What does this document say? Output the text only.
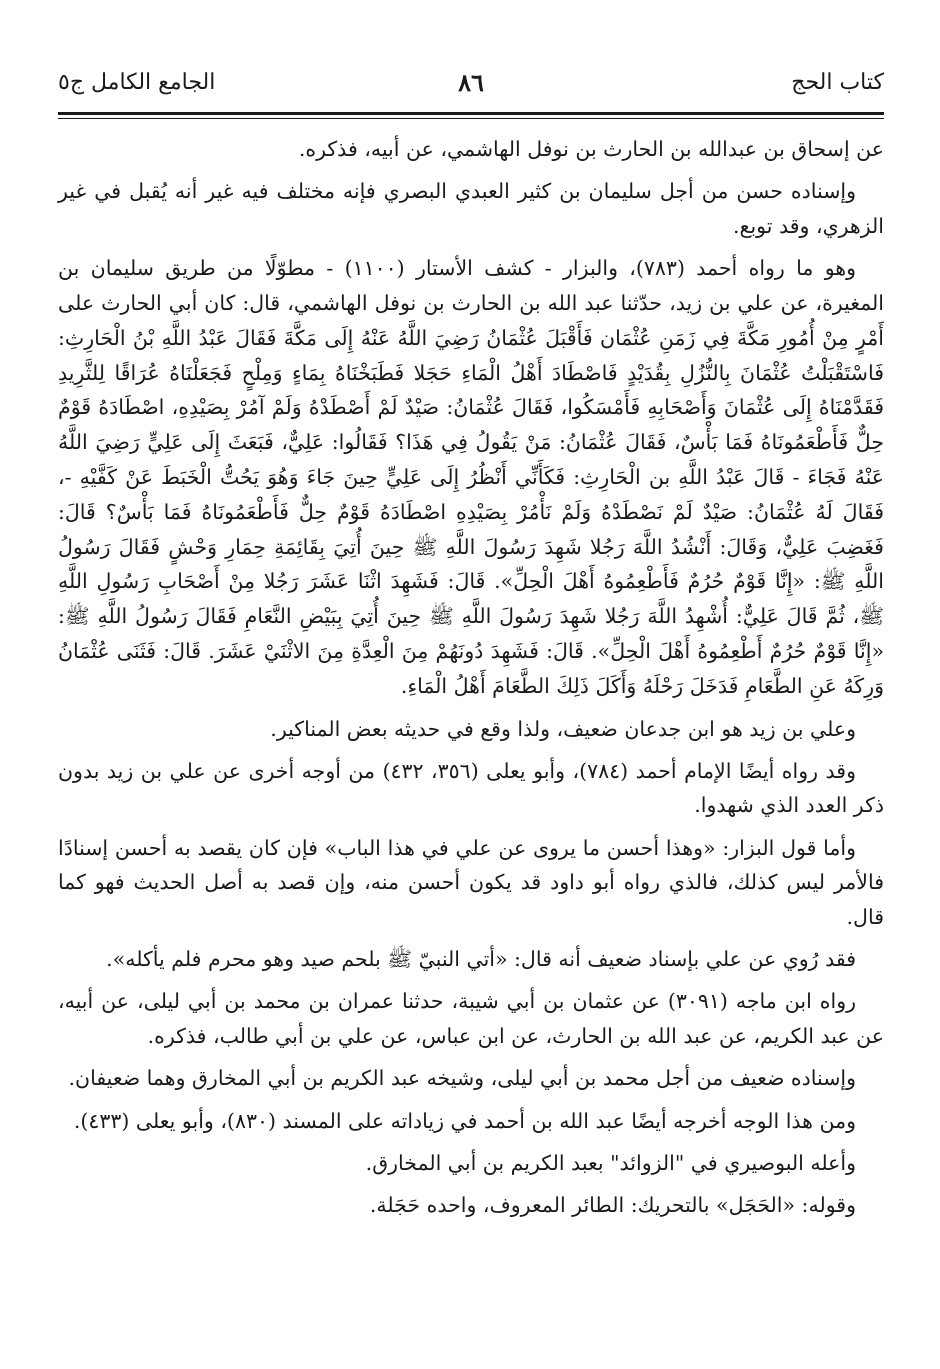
كتاب الحج
٨٦
الجامع الكامل ج٥

عن إسحاق بن عبدالله بن الحارث بن نوفل الهاشمي، عن أبيه، فذكره.

وإسناده حسن من أجل سليمان بن كثير العبدي البصري فإنه مختلف فيه غير أنه يُقبل في غير الزهري، وقد توبع.

وهو ما رواه أحمد (٧٨٣)، والبزار - كشف الأستار (١١٠٠) - مطوّلًا من طريق سليمان بن المغيرة، عن علي بن زيد، حدّثنا عبد الله بن الحارث بن نوفل الهاشمي، قال: كان أبي الحارث على أَمْرٍ مِنْ أُمُورِ مَكَّةَ فِي زَمَنِ عُثْمَان فَأَقْبَلَ عُثْمَانُ رَضِيَ اللَّهُ عَنْهُ إِلَى مَكَّةَ فَقَالَ عَبْدُ اللَّهِ بْنُ الْحَارِثِ: فَاسْتَقْبَلْتُ عُثْمَانَ بِالنُّزُلِ بِقُدَيْدٍ فَاصْطَادَ أَهْلُ الْمَاءِ حَجَلا فَطَبَخْنَاهُ بِمَاءٍ وَمِلْحٍ فَجَعَلْنَاهُ عُرَاقًا لِلثَّرِيدِ فَقَدَّمْنَاهُ إِلَى عُثْمَانَ وَأَصْحَابِهِ فَأَمْسَكُوا، فَقَالَ عُثْمَانُ: صَيْدٌ لَمْ أَصْطَدْهُ وَلَمْ آمُرْ بِصَيْدِهِ، اصْطَادَهُ قَوْمٌ حِلٌّ فَأَطْعَمُونَاهُ فَمَا بَأْسٌ، فَقَالَ عُثْمَانُ: مَنْ يَقُولُ فِي هَذَا؟ فَقَالُوا: عَلِيٌّ، فَبَعَثَ إِلَى عَلِيٍّ رَضِيَ اللَّهُ عَنْهُ فَجَاءَ - قَالَ عَبْدُ اللَّهِ بن الْحَارِثِ: فَكَأَنِّي أَنْظُرُ إِلَى عَلِيٍّ حِينَ جَاءَ وَهُوَ يَحُتُّ الْخَبَطَ عَنْ كَفَّيْهِ -، فَقَالَ لَهُ عُثْمَانُ: صَيْدٌ لَمْ نَصْطَدْهُ وَلَمْ نَأْمُرْ بِصَيْدِهِ اصْطَادَهُ قَوْمٌ حِلٌّ فَأَطْعَمُونَاهُ فَمَا بَأْسٌ؟ قَالَ: فَغَضِبَ عَلِيٌّ، وَقَالَ: أَنْشُدُ اللَّهَ رَجُلا شَهِدَ رَسُولَ اللَّهِ ﷺ حِينَ أُتِيَ بِقَائِمَةِ حِمَارِ وَحْشٍ فَقَالَ رَسُولُ اللَّهِ ﷺ: «إِنَّا قَوْمٌ حُرُمٌ فَأَطْعِمُوهُ أَهْلَ الْحِلِّ». قَالَ: فَشَهِدَ اثْنَا عَشَرَ رَجُلا مِنْ أَصْحَابِ رَسُولِ اللَّهِ ﷺ، ثُمَّ قَالَ عَلِيٌّ: أُشْهِدُ اللَّهَ رَجُلا شَهِدَ رَسُولَ اللَّهِ ﷺ حِينَ أُتِيَ بِبَيْضِ النَّعَامِ فَقَالَ رَسُولُ اللَّهِ ﷺ: «إِنَّا قَوْمٌ حُرُمٌ أَطْعِمُوهُ أَهْلَ الْحِلِّ». قَالَ: فَشَهِدَ دُونَهُمْ مِنَ الْعِدَّةِ مِنَ الاثْنَيْ عَشَرَ. قَالَ: فَثَنَى عُثْمَانُ وَرِكَهُ عَنِ الطَّعَامِ فَدَخَلَ رَحْلَهُ وَأَكَلَ ذَلِكَ الطَّعَامَ أَهْلُ الْمَاءِ.

وعلي بن زيد هو ابن جدعان ضعيف، ولذا وقع في حديثه بعض المناكير.

وقد رواه أيضًا الإمام أحمد (٧٨٤)، وأبو يعلى (٣٥٦، ٤٣٢) من أوجه أخرى عن علي بن زيد بدون ذكر العدد الذي شهدوا.

وأما قول البزار: «وهذا أحسن ما يروى عن علي في هذا الباب» فإن كان يقصد به أحسن إسنادًا فالأمر ليس كذلك، فالذي رواه أبو داود قد يكون أحسن منه، وإن قصد به أصل الحديث فهو كما قال.

فقد رُوي عن علي بإسناد ضعيف أنه قال: «أتي النبيّ ﷺ بلحم صيد وهو محرم فلم يأكله».

رواه ابن ماجه (٣٠٩١) عن عثمان بن أبي شيبة، حدثنا عمران بن محمد بن أبي ليلى، عن أبيه، عن عبد الكريم، عن عبد الله بن الحارث، عن ابن عباس، عن علي بن أبي طالب، فذكره.

وإسناده ضعيف من أجل محمد بن أبي ليلى، وشيخه عبد الكريم بن أبي المخارق وهما ضعيفان.

ومن هذا الوجه أخرجه أيضًا عبد الله بن أحمد في زياداته على المسند (٨٣٠)، وأبو يعلى (٤٣٣).

وأعله البوصيري في "الزوائد" بعبد الكريم بن أبي المخارق.

وقوله: «الحَجَل» بالتحريك: الطائر المعروف، واحده حَجَلة.
